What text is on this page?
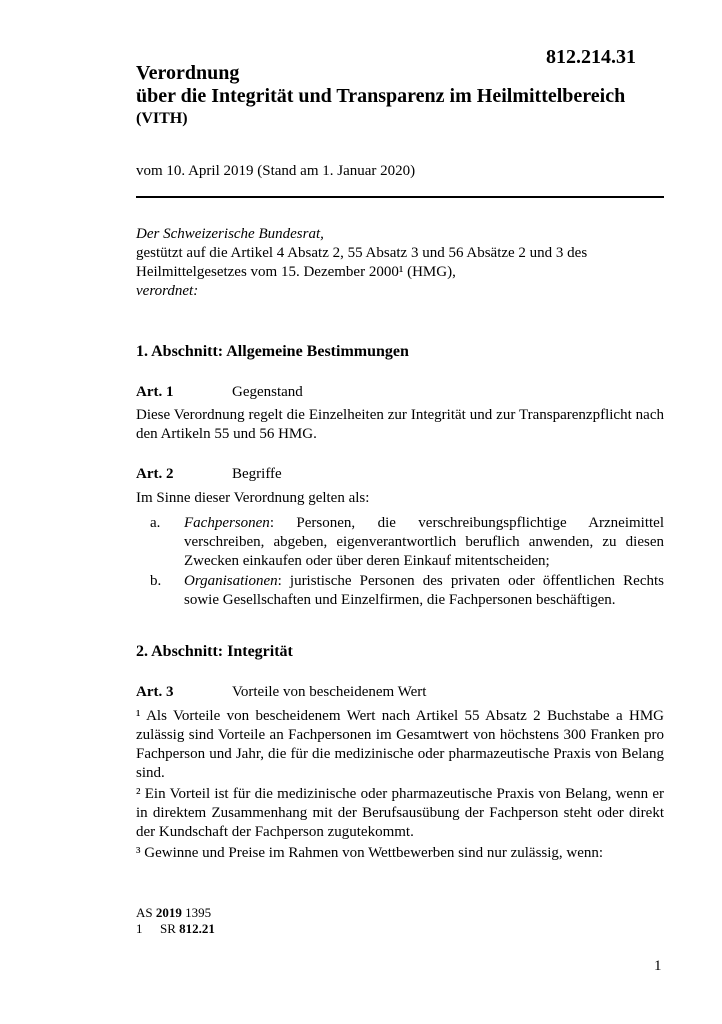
812.214.31
Verordnung
über die Integrität und Transparenz im Heilmittelbereich
(VITH)
vom 10. April 2019 (Stand am 1. Januar 2020)
Der Schweizerische Bundesrat,
gestützt auf die Artikel 4 Absatz 2, 55 Absatz 3 und 56 Absätze 2 und 3 des Heilmittelgesetzes vom 15. Dezember 2000¹ (HMG),
verordnet:
1. Abschnitt: Allgemeine Bestimmungen
Art. 1	Gegenstand
Diese Verordnung regelt die Einzelheiten zur Integrität und zur Transparenzpflicht nach den Artikeln 55 und 56 HMG.
Art. 2	Begriffe
Im Sinne dieser Verordnung gelten als:
a. Fachpersonen: Personen, die verschreibungspflichtige Arzneimittel verschreiben, abgeben, eigenverantwortlich beruflich anwenden, zu diesen Zwecken einkaufen oder über deren Einkauf mitentscheiden;
b. Organisationen: juristische Personen des privaten oder öffentlichen Rechts sowie Gesellschaften und Einzelfirmen, die Fachpersonen beschäftigen.
2. Abschnitt: Integrität
Art. 3	Vorteile von bescheidenem Wert
¹ Als Vorteile von bescheidenem Wert nach Artikel 55 Absatz 2 Buchstabe a HMG zulässig sind Vorteile an Fachpersonen im Gesamtwert von höchstens 300 Franken pro Fachperson und Jahr, die für die medizinische oder pharmazeutische Praxis von Belang sind.
² Ein Vorteil ist für die medizinische oder pharmazeutische Praxis von Belang, wenn er in direktem Zusammenhang mit der Berufsausübung der Fachperson steht oder direkt der Kundschaft der Fachperson zugutekommt.
³ Gewinne und Preise im Rahmen von Wettbewerben sind nur zulässig, wenn:
AS 2019 1395
1 SR 812.21
1
